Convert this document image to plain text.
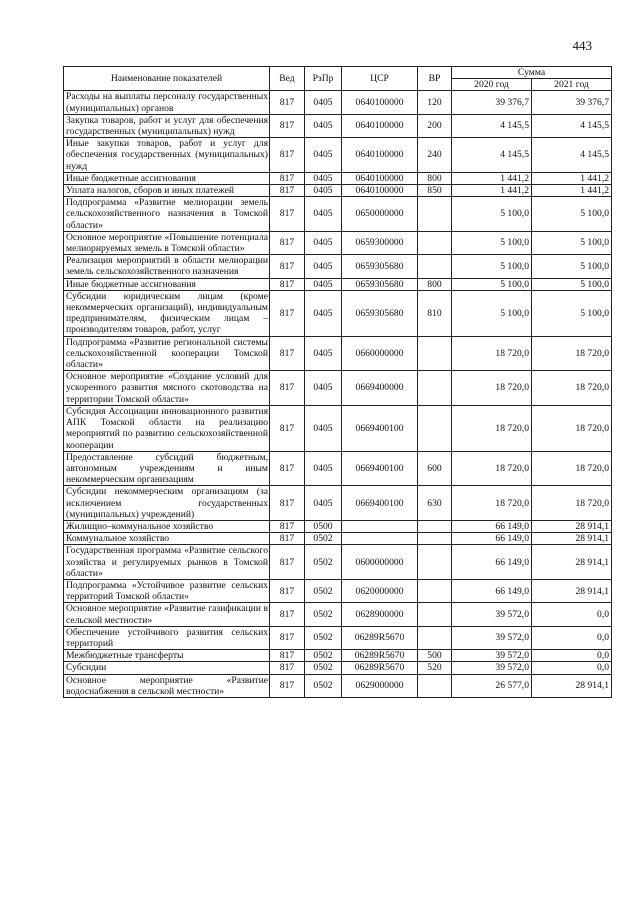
443
Наименование показателей	Вед	РзПр	ЦСР	ВР	Сумма	
					2020 год	2021 год
Расходы на выплаты персоналу государственных (муниципальных) органов	817	0405	0640100000	120	39 376,7	39 376,7
Закупка товаров, работ и услуг для обеспечения государственных (муниципальных) нужд	817	0405	0640100000	200	4 145,5	4 145,5
Иные закупки товаров, работ и услуг для обеспечения государственных (муниципальных) нужд	817	0405	0640100000	240	4 145,5	4 145,5
Иные бюджетные ассигнования	817	0405	0640100000	800	1 441,2	1 441,2
Уплата налогов, сборов и иных платежей	817	0405	0640100000	850	1 441,2	1 441,2
Подпрограмма «Развитие мелиорации земель сельскохозяйственного назначения в Томской области»	817	0405	0650000000		5 100,0	5 100,0
Основное мероприятие «Повышение потенциала мелиорируемых земель в Томской области»	817	0405	0659300000		5 100,0	5 100,0
Реализация мероприятий в области мелиорации земель сельскохозяйственного назначения	817	0405	0659305680		5 100,0	5 100,0
Иные бюджетные ассигнования	817	0405	0659305680	800	5 100,0	5 100,0
Субсидии юридическим лицам (кроме некоммерческих организаций), индивидуальным предпринимателям, физическим лицам – производителям товаров, работ, услуг	817	0405	0659305680	810	5 100,0	5 100,0
Подпрограмма «Развитие региональной системы сельскохозяйственной кооперации Томской области»	817	0405	0660000000		18 720,0	18 720,0
Основное мероприятие «Создание условий для ускоренного развития мясного скотоводства на территории Томской области»	817	0405	0669400000		18 720,0	18 720,0
Субсидия Ассоциации инновационного развития АПК Томской области на реализацию мероприятий по развитию сельскохозяйственной кооперации	817	0405	0669400100		18 720,0	18 720,0
Предоставление субсидий бюджетным, автономным учреждениям и иным некоммерческим организациям	817	0405	0669400100	600	18 720,0	18 720,0
Субсидии некоммерческим организациям (за исключением государственных (муниципальных) учреждений)	817	0405	0669400100	630	18 720,0	18 720,0
Жилищно–коммунальное хозяйство	817	0500			66 149,0	28 914,1
Коммунальное хозяйство	817	0502			66 149,0	28 914,1
Государственная программа «Развитие сельского хозяйства и регулируемых рынков в Томской области»	817	0502	0600000000		66 149,0	28 914,1
Подпрограмма «Устойчивое развитие сельских территорий Томской области»	817	0502	0620000000		66 149,0	28 914,1
Основное мероприятие «Развитие газификации в сельской местности»	817	0502	0628900000		39 572,0	0,0
Обеспечение устойчивого развития сельских территорий	817	0502	06289R5670		39 572,0	0,0
Межбюджетные трансферты	817	0502	06289R5670	500	39 572,0	0,0
Субсидии	817	0502	06289R5670	520	39 572,0	0,0
Основное мероприятие «Развитие водоснабжения в сельской местности»	817	0502	0629000000		26 577,0	28 914,1
